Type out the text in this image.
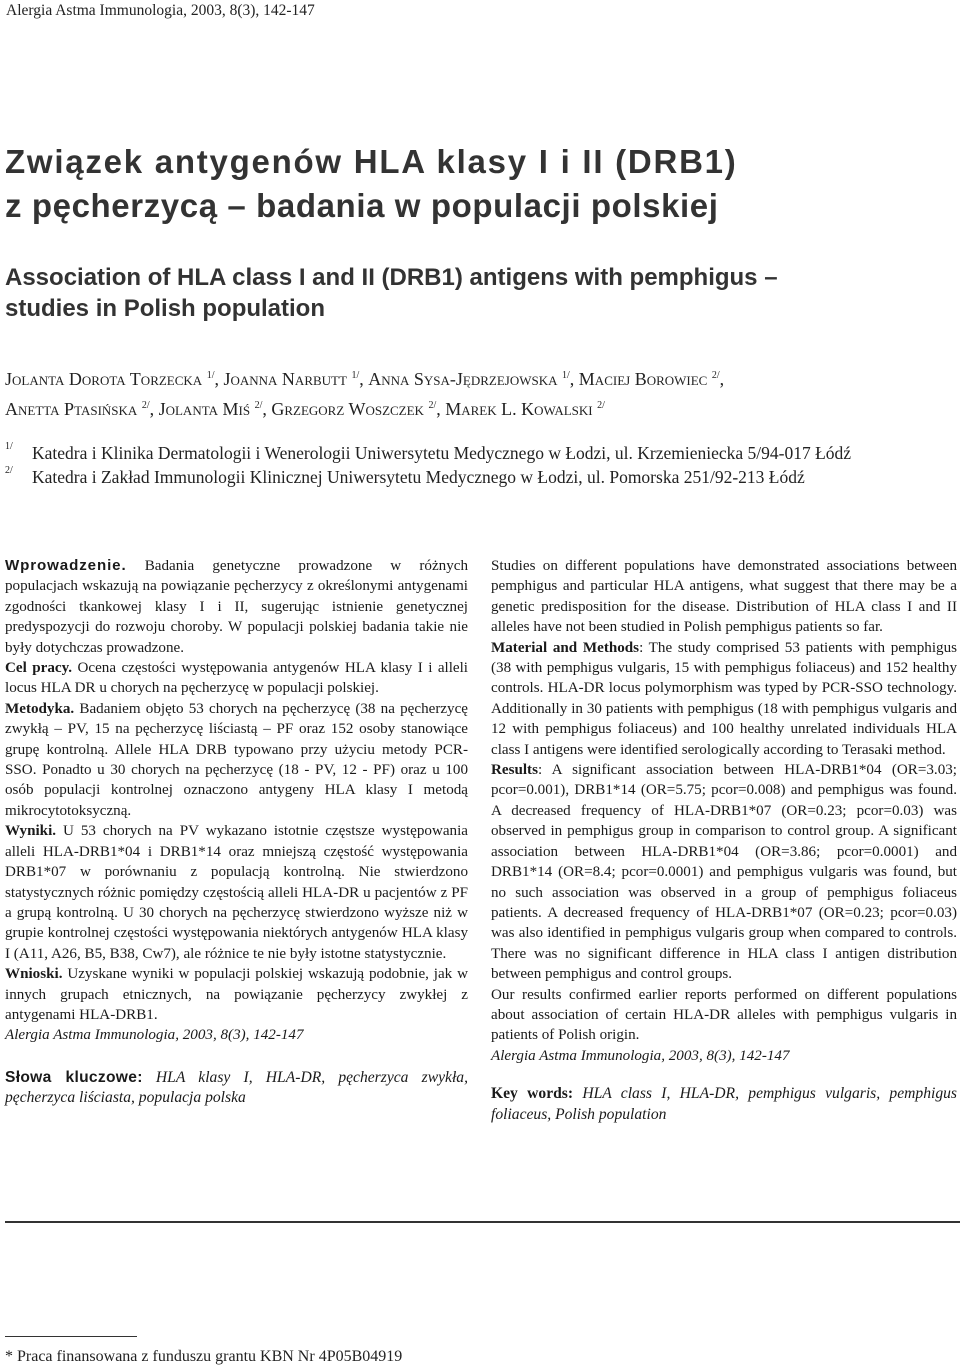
Alergia Astma Immunologia, 2003, 8(3), 142-147
Związek antygenów HLA klasy I i II (DRB1)
z pęcherzycą – badania w populacji polskiej
Association of HLA class I and II (DRB1) antigens with pemphigus –
studies in Polish population
Jolanta Dorota Torzecka $^{1/}$, Joanna Narbutt $^{1/}$, Anna Sysa-Jędrzejowska $^{1/}$, Maciej Borowiec $^{2/}$,
Anetta Ptasińska $^{2/}$, Jolanta Miś $^{2/}$, Grzegorz Woszczek $^{2/}$, Marek L. Kowalski $^{2/}$
1/ Katedra i Klinika Dermatologii i Wenerologii Uniwersytetu Medycznego w Łodzi, ul. Krzemieniecka 5/94-017 Łódź
2/ Katedra i Zakład Immunologii Klinicznej Uniwersytetu Medycznego w Łodzi, ul. Pomorska 251/92-213 Łódź

Wprowadzenie. Badania genetyczne prowadzone w różnych populacjach wskazują na powiązanie pęcherzycy z określonymi antygenami zgodności tkankowej klasy I i II, sugerując istnienie genetycznej predyspozycji do rozwoju choroby. W populacji polskiej badania takie nie były dotychczas prowadzone.

Cel pracy. Ocena częstości występowania antygenów HLA klasy I i alleli locus HLA DR u chorych na pęcherzycę w populacji polskiej.

Metodyka. Badaniem objęto 53 chorych na pęcherzycę (38 na pęcherzycę zwykłą – PV, 15 na pęcherzycę liściastą – PF oraz 152 osoby stanowiące grupę kontrolną. Allele HLA DRB typowano przy użyciu metody PCR-SSO. Ponadto u 30 chorych na pęcherzycę (18 - PV, 12 - PF) oraz u 100 osób populacji kontrolnej oznaczono antygeny HLA klasy I metodą mikrocytotoksyczną.

Wyniki. U 53 chorych na PV wykazano istotnie częstsze występowania alleli HLA-DRB1*04 i DRB1*14 oraz mniejszą częstość występowania DRB1*07 w porównaniu z populacją kontrolną. Nie stwierdzono statystycznych różnic pomiędzy częstością alleli HLA-DR u pacjentów z PF a grupą kontrolną. U 30 chorych na pęcherzycę stwierdzono wyższe niż w grupie kontrolnej częstości występowania niektórych antygenów HLA klasy I (A11, A26, B5, B38, Cw7), ale różnice te nie były istotne statystycznie.

Wnioski. Uzyskane wyniki w populacji polskiej wskazują podobnie, jak w innych grupach etnicznych, na powiązanie pęcherzycy zwykłej z antygenami HLA-DRB1.

Alergia Astma Immunologia, 2003, 8(3), 142-147

Słowa kluczowe: HLA klasy I, HLA-DR, pęcherzyca zwykła, pęcherzyca liściasta, populacja polska

Studies on different populations have demonstrated associations between pemphigus and particular HLA antigens, what suggest that there may be a genetic predisposition for the disease. Distribution of HLA class I and II alleles have not been studied in Polish pemphigus patients so far.

Material and Methods: The study comprised 53 patients with pemphigus (38 with pemphigus vulgaris, 15 with pemphigus foliaceus) and 152 healthy controls. HLA-DR locus polymorphism was typed by PCR-SSO technology. Additionally in 30 patients with pemphigus (18 with pemphigus vulgaris and 12 with pemphigus foliaceus) and 100 healthy unrelated individuals HLA class I antigens were identified serologically according to Terasaki method.

Results: A significant association between HLA-DRB1*04 (OR=3.03; pcor=0.001), DRB1*14 (OR=5.75; pcor=0.008) and pemphigus was found. A decreased frequency of HLA-DRB1*07 (OR=0.23; pcor=0.03) was observed in pemphigus group in comparison to control group. A significant association between HLA-DRB1*04 (OR=3.86; pcor=0.0001) and DRB1*14 (OR=8.4; pcor=0.0001) and pemphigus vulgaris was found, but no such association was observed in a group of pemphigus foliaceus patients. A decreased frequency of HLA-DRB1*07 (OR=0.23; pcor=0.03) was also identified in pemphigus vulgaris group when compared to controls. There was no significant difference in HLA class I antigen distribution between pemphigus and control groups.

Our results confirmed earlier reports performed on different populations about association of certain HLA-DR alleles with pemphigus vulgaris in patients of Polish origin.

Alergia Astma Immunologia, 2003, 8(3), 142-147

Key words: HLA class I, HLA-DR, pemphigus vulgaris, pemphigus foliaceus, Polish population

* Praca finansowana z funduszu grantu KBN Nr 4P05B04919
